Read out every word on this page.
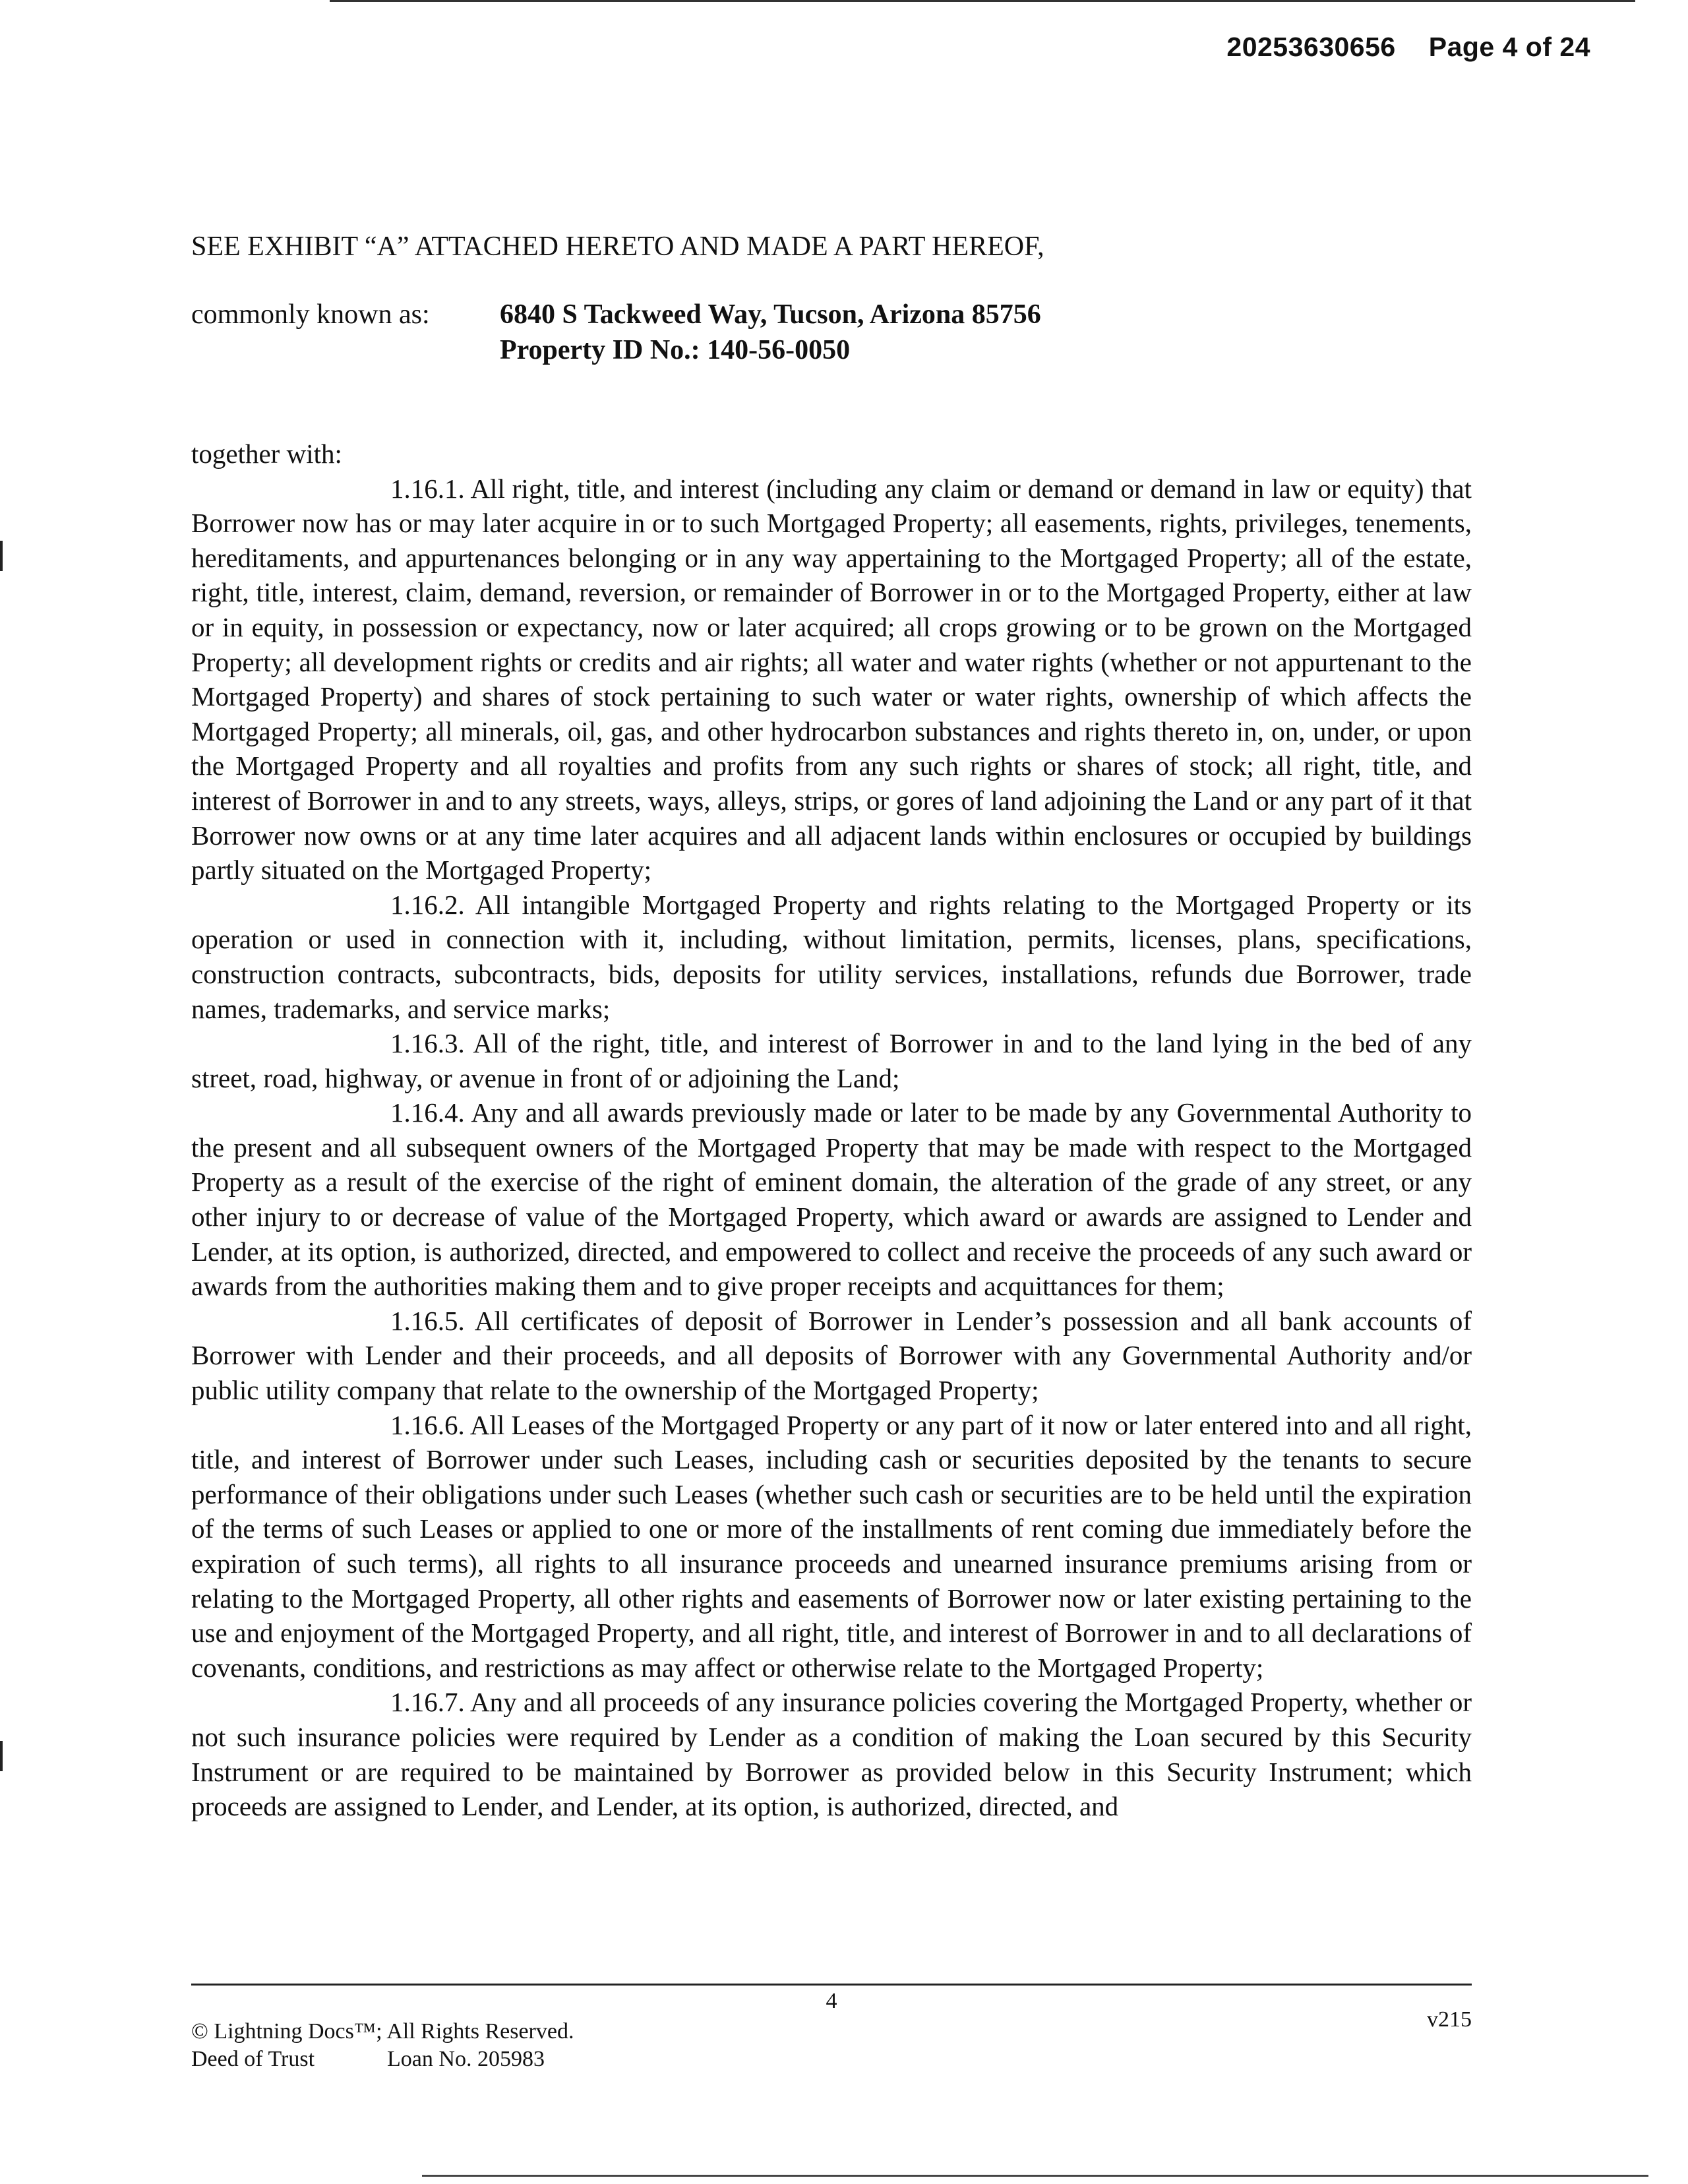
20253630656 Page 4 of 24
SEE EXHIBIT “A” ATTACHED HERETO AND MADE A PART HEREOF,
commonly known as:	6840 S Tackweed Way, Tucson, Arizona 85756
Property ID No.: 140-56-0050

together with:

1.16.1. All right, title, and interest (including any claim or demand or demand in law or equity) that Borrower now has or may later acquire in or to such Mortgaged Property; all easements, rights, privileges, tenements, hereditaments, and appurtenances belonging or in any way appertaining to the Mortgaged Property; all of the estate, right, title, interest, claim, demand, reversion, or remainder of Borrower in or to the Mortgaged Property, either at law or in equity, in possession or expectancy, now or later acquired; all crops growing or to be grown on the Mortgaged Property; all development rights or credits and air rights; all water and water rights (whether or not appurtenant to the Mortgaged Property) and shares of stock pertaining to such water or water rights, ownership of which affects the Mortgaged Property; all minerals, oil, gas, and other hydrocarbon substances and rights thereto in, on, under, or upon the Mortgaged Property and all royalties and profits from any such rights or shares of stock; all right, title, and interest of Borrower in and to any streets, ways, alleys, strips, or gores of land adjoining the Land or any part of it that Borrower now owns or at any time later acquires and all adjacent lands within enclosures or occupied by buildings partly situated on the Mortgaged Property;

1.16.2. All intangible Mortgaged Property and rights relating to the Mortgaged Property or its operation or used in connection with it, including, without limitation, permits, licenses, plans, specifications, construction contracts, subcontracts, bids, deposits for utility services, installations, refunds due Borrower, trade names, trademarks, and service marks;

1.16.3. All of the right, title, and interest of Borrower in and to the land lying in the bed of any street, road, highway, or avenue in front of or adjoining the Land;

1.16.4. Any and all awards previously made or later to be made by any Governmental Authority to the present and all subsequent owners of the Mortgaged Property that may be made with respect to the Mortgaged Property as a result of the exercise of the right of eminent domain, the alteration of the grade of any street, or any other injury to or decrease of value of the Mortgaged Property, which award or awards are assigned to Lender and Lender, at its option, is authorized, directed, and empowered to collect and receive the proceeds of any such award or awards from the authorities making them and to give proper receipts and acquittances for them;

1.16.5. All certificates of deposit of Borrower in Lender’s possession and all bank accounts of Borrower with Lender and their proceeds, and all deposits of Borrower with any Governmental Authority and/or public utility company that relate to the ownership of the Mortgaged Property;

1.16.6. All Leases of the Mortgaged Property or any part of it now or later entered into and all right, title, and interest of Borrower under such Leases, including cash or securities deposited by the tenants to secure performance of their obligations under such Leases (whether such cash or securities are to be held until the expiration of the terms of such Leases or applied to one or more of the installments of rent coming due immediately before the expiration of such terms), all rights to all insurance proceeds and unearned insurance premiums arising from or relating to the Mortgaged Property, all other rights and easements of Borrower now or later existing pertaining to the use and enjoyment of the Mortgaged Property, and all right, title, and interest of Borrower in and to all declarations of covenants, conditions, and restrictions as may affect or otherwise relate to the Mortgaged Property;

1.16.7. Any and all proceeds of any insurance policies covering the Mortgaged Property, whether or not such insurance policies were required by Lender as a condition of making the Loan secured by this Security Instrument or are required to be maintained by Borrower as provided below in this Security Instrument; which proceeds are assigned to Lender, and Lender, at its option, is authorized, directed, and

4
© Lightning Docs™; All Rights Reserved.
Deed of Trust	Loan No. 205983
v215
